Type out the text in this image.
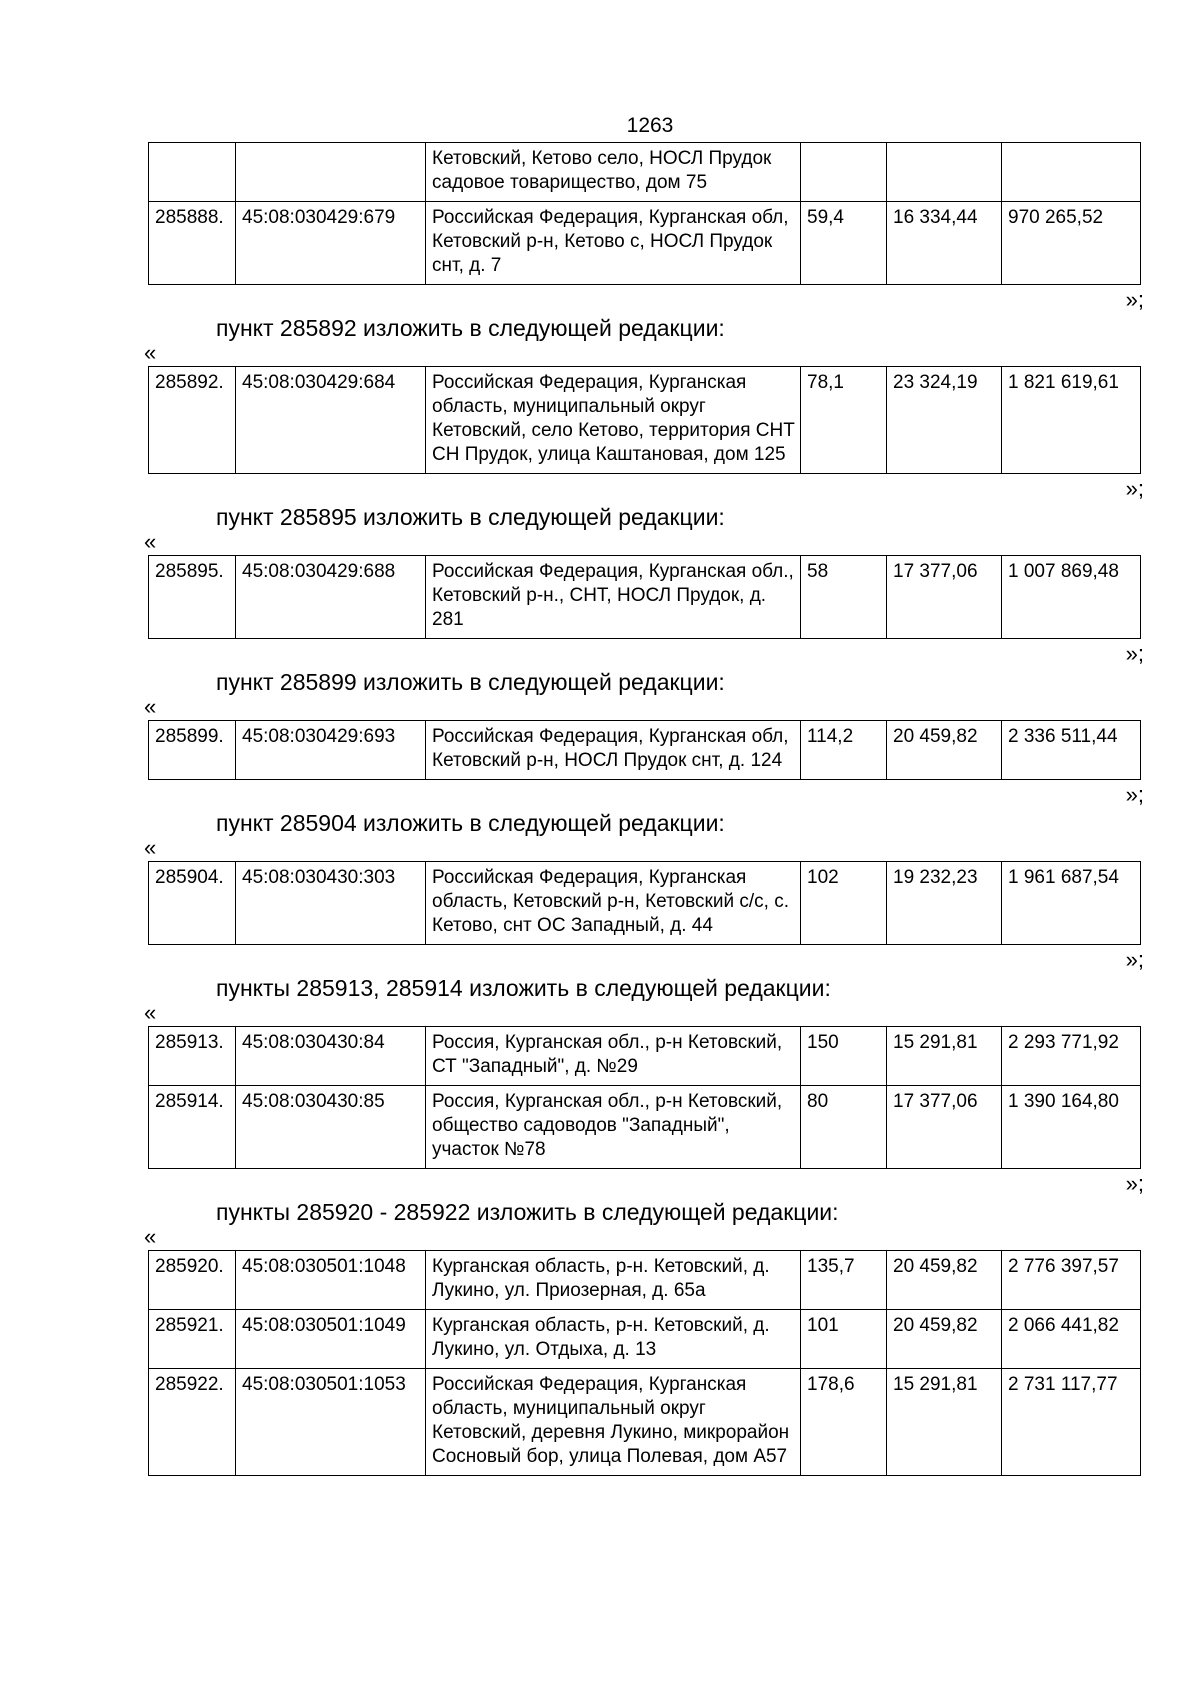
1263
		Кетовский, Кетово село, НОСЛ Прудок садовое товарищество, дом 75			
285888.	45:08:030429:679	Российская Федерация, Курганская обл, Кетовский р-н, Кетово с, НОСЛ Прудок снт, д. 7	59,4	16 334,44	970 265,52
»;
пункт 285892 изложить в следующей редакции:
«
285892.	45:08:030429:684	Российская Федерация, Курганская область, муниципальный округ Кетовский, село Кетово, территория СНТ СН Прудок, улица Каштановая, дом 125	78,1	23 324,19	1 821 619,61
»;
пункт 285895 изложить в следующей редакции:
«
285895.	45:08:030429:688	Российская Федерация, Курганская обл., Кетовский р-н., СНТ, НОСЛ Прудок, д. 281	58	17 377,06	1 007 869,48
»;
пункт 285899 изложить в следующей редакции:
«
285899.	45:08:030429:693	Российская Федерация, Курганская обл, Кетовский р-н, НОСЛ Прудок снт, д. 124	114,2	20 459,82	2 336 511,44
»;
пункт 285904 изложить в следующей редакции:
«
285904.	45:08:030430:303	Российская Федерация, Курганская область, Кетовский р-н, Кетовский с/с, с. Кетово, снт ОС Западный, д. 44	102	19 232,23	1 961 687,54
»;
пункты 285913, 285914 изложить в следующей редакции:
«
285913.	45:08:030430:84	Россия, Курганская обл., р-н Кетовский, СТ "Западный", д. №29	150	15 291,81	2 293 771,92
285914.	45:08:030430:85	Россия, Курганская обл., р-н Кетовский, общество садоводов "Западный", участок №78	80	17 377,06	1 390 164,80
»;
пункты 285920 - 285922 изложить в следующей редакции:
«
285920.	45:08:030501:1048	Курганская область, р-н. Кетовский, д. Лукино, ул. Приозерная, д. 65а	135,7	20 459,82	2 776 397,57
285921.	45:08:030501:1049	Курганская область, р-н. Кетовский, д. Лукино, ул. Отдыха, д. 13	101	20 459,82	2 066 441,82
285922.	45:08:030501:1053	Российская Федерация, Курганская область, муниципальный округ Кетовский, деревня Лукино, микрорайон Сосновый бор, улица Полевая, дом А57	178,6	15 291,81	2 731 117,77
